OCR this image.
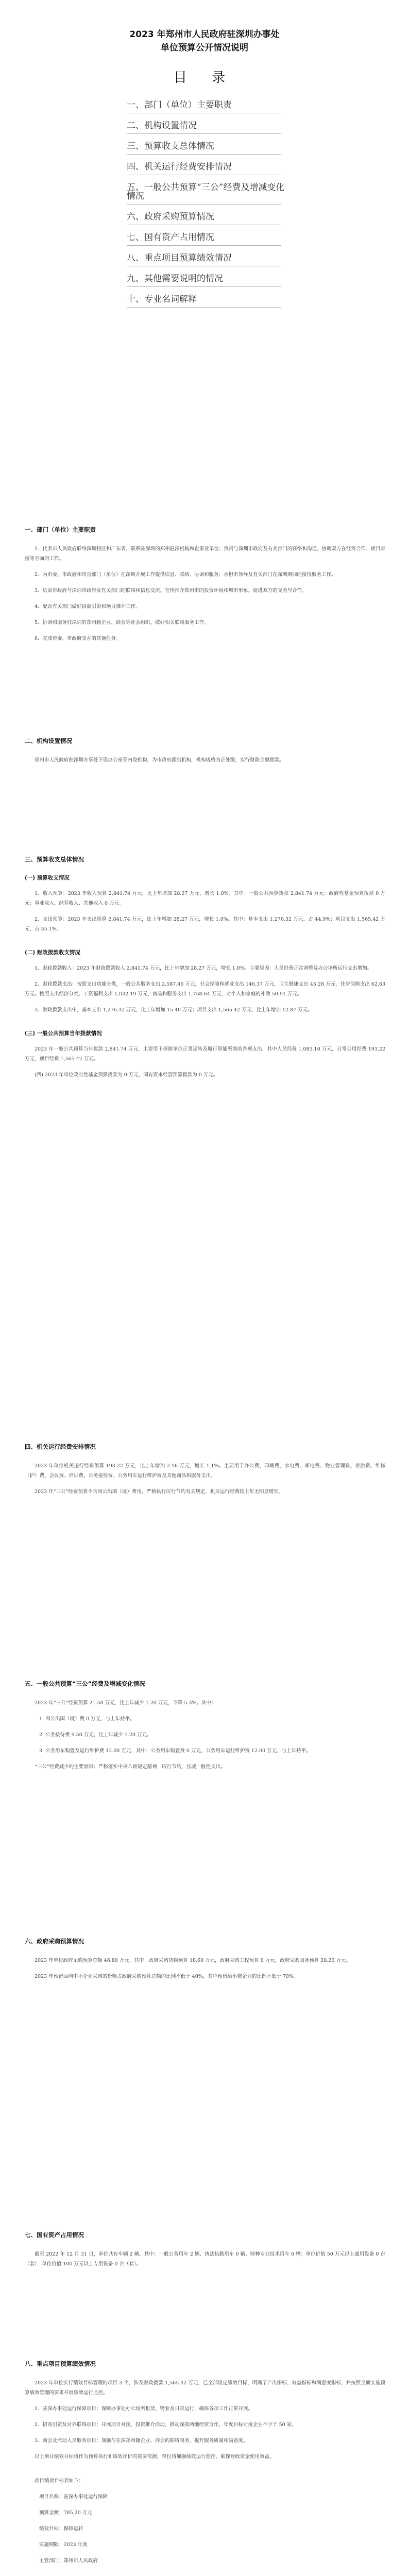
2023 年郑州市人民政府驻深圳办事处
单位预算公开情况说明
目 录
一、部门（单位）主要职责
二、机构设置情况
三、预算收支总体情况
四、机关运行经费安排情况
五、一般公共预算“三公”经费及增减变化情况
六、政府采购预算情况
七、国有资产占用情况
八、重点项目预算绩效情况
九、其他需要说明的情况
十、专业名词解释
一、部门（单位）主要职责

1．代表市人民政府联络深圳特区和广东省，联系驻深圳的郑州驻深机构和企事业单位；负责与深圳市政府及有关部门的联络和沟通，协调双方在经贸合作、项目对接等方面的工作。

2．为市委、市政府和市直部门（单位）在深圳开展工作提供信息、联络、协调和服务；承担市领导及有关部门在深圳期间的接待服务工作。

3．负责市政府与深圳市政府及有关部门的联络和信息交流，宣传推介郑州市的投资环境和城市形象，促进双方的交流与合作。

4．配合有关部门做好招商引资和项目推介工作。

5．协调和服务驻深圳的郑州籍企业、商会等社会组织，做好相关联络服务工作。

6．完成市委、市政府交办的其他任务。

二、机构设置情况

郑州市人民政府驻深圳办事处下设办公室等内设机构，为市政府派出机构，机构规格为正处级，实行财政全额拨款。

三、预算收支总体情况
(一) 预算收支情况

1．收入预算：2023 年收入预算 2,841.74 万元，比上年增加 28.27 万元，增长 1.0%。其中：一般公共预算拨款 2,841.74 万元；政府性基金预算拨款 0 万元；事业收入、经营收入、其他收入 0 万元。

2．支出预算：2023 年支出预算 2,841.74 万元，比上年增加 28.27 万元，增长 1.0%。其中：基本支出 1,276.32 万元，占 44.9%；项目支出 1,565.42 万元，占 55.1%。

(二) 财政拨款收支情况

1．财政拨款收入：2023 年财政拨款收入 2,841.74 万元，比上年增加 28.27 万元，增长 1.0%。主要原因：人员经费正常调整及办公场所运行支出增加。

2．财政拨款支出：按照支出功能分类，一般公共服务支出 2,587.46 万元，社会保障和就业支出 146.37 万元，卫生健康支出 45.28 万元，住房保障支出 62.63 万元。按照支出经济分类，工资福利支出 1,032.19 万元，商品和服务支出 1,758.64 万元，对个人和家庭的补助 50.91 万元。

3．财政拨款支出中，基本支出 1,276.32 万元，比上年增加 15.40 万元；项目支出 1,565.42 万元，比上年增加 12.87 万元。

(三) 一般公共预算当年拨款情况

2023 年一般公共预算当年拨款 2,841.74 万元，主要用于保障单位正常运转及履行职能所需的各项支出，其中人员经费 1,083.10 万元，日常公用经费 193.22 万元，项目经费 1,565.42 万元。

(四) 2023 年单位政府性基金预算拨款为 0 万元，国有资本经营预算拨款为 0 万元。

四、机关运行经费安排情况

2023 年单位机关运行经费预算 193.22 万元，比上年增加 2.16 万元，增长 1.1%。主要用于办公费、印刷费、水电费、邮电费、物业管理费、差旅费、维修（护）费、会议费、培训费、公务接待费、公务用车运行维护费及其他商品和服务支出。

2023 年“三公”经费预算不含因公出国（境）费用，严格执行厉行节约有关规定，机关运行经费较上年无明显增长。

五、一般公共预算“三公”经费及增减变化情况

2023 年“三公”经费预算 21.50 万元，比上年减少 1.20 万元，下降 5.3%。其中：

1. 因公出国（境）费 0 万元，与上年持平。

2. 公务接待费 9.50 万元，比上年减少 1.20 万元。

3. 公务用车购置及运行维护费 12.00 万元，其中：公务用车购置费 0 万元，公务用车运行维护费 12.00 万元，与上年持平。

“三公”经费减少的主要原因：严格落实中央八项规定精神，厉行节约，压减一般性支出。

六、政府采购预算情况

2023 年单位政府采购预算总额 46.80 万元，其中：政府采购货物预算 18.60 万元，政府采购工程预算 0 万元，政府采购服务预算 28.20 万元。

2023 年预留面向中小企业采购的份额占政府采购预算总额的比例不低于 40%，其中预留给小微企业的比例不低于 70%。

七、国有资产占用情况

截至 2022 年 12 月 31 日，单位共有车辆 2 辆，其中：一般公务用车 2 辆、执法执勤用车 0 辆、特种专业技术用车 0 辆；单位价值 50 万元以上通用设备 0 台（套），单位价值 100 万元以上专用设备 0 台（套）。

八、重点项目预算绩效情况

2023 年单位实行绩效目标管理的项目 3 个，涉及财政拨款 1,565.42 万元，已全部设定绩效目标，明确了产出指标、效益指标和满意度指标，并按照全面实施预算绩效管理的要求开展绩效运行监控。

1．驻深办事处运行保障项目：保障办事处办公场所租赁、物业及日常运行，确保各项工作正常开展。

2．招商引资及对外联络项目：开展项目对接、投资推介活动，推动深郑两地经贸合作，年度目标对接企业不少于 50 家。

3．商会及流动人员服务项目：加强与在深郑州籍企业、商会的联络服务，提升服务质量和满意度。

以上项目绩效目标将作为预算执行和绩效评价的重要依据，单位将加强绩效运行监控，确保财政资金使用效益。

项目绩效目标表如下：

项目名称：驻深办事处运行保障

预算金额：785.20 万元

绩效目标：保障运转

实施期限：2023 年度

主管部门：郑州市人民政府
